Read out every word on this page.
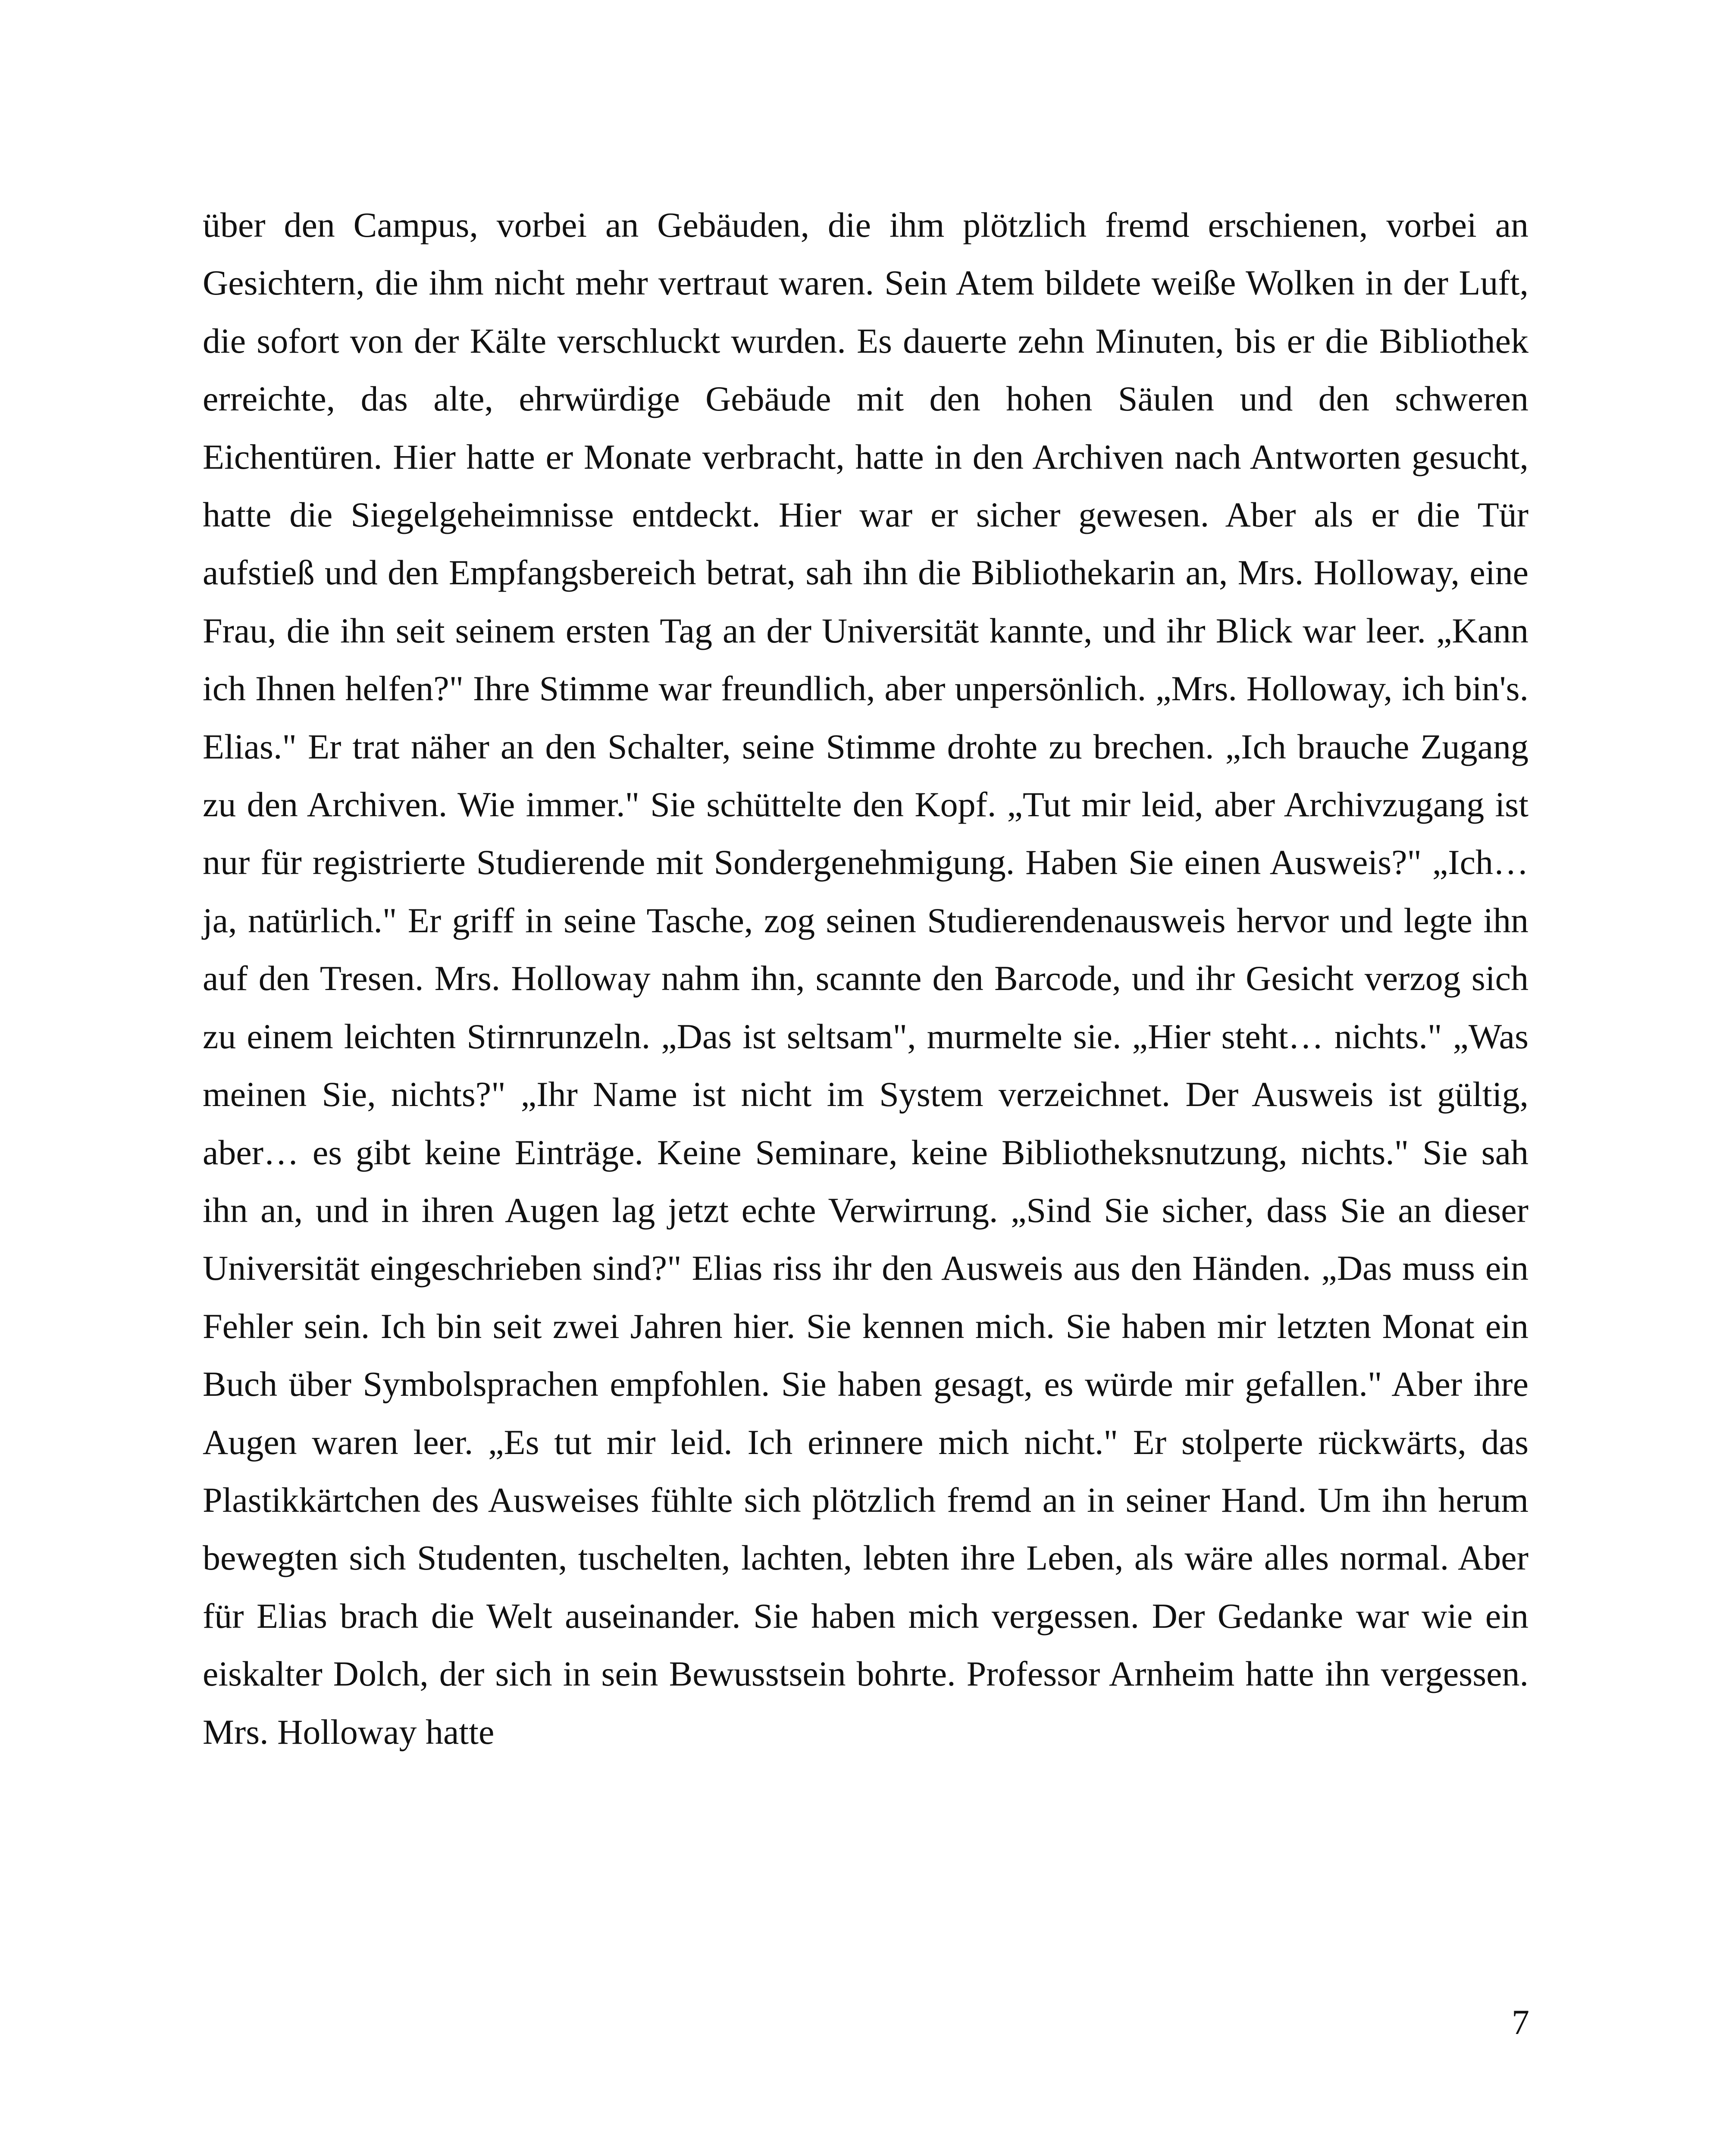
über den Campus, vorbei an Gebäuden, die ihm plötzlich fremd erschienen, vorbei an Gesichtern, die ihm nicht mehr vertraut waren. Sein Atem bildete weiße Wolken in der Luft, die sofort von der Kälte verschluckt wurden. Es dauerte zehn Minuten, bis er die Bibliothek erreichte, das alte, ehrwürdige Gebäude mit den hohen Säulen und den schweren Eichentüren. Hier hatte er Monate verbracht, hatte in den Archiven nach Antworten gesucht, hatte die Siegelgeheimnisse entdeckt. Hier war er sicher gewesen. Aber als er die Tür aufstieß und den Empfangsbereich betrat, sah ihn die Bibliothekarin an, Mrs. Holloway, eine Frau, die ihn seit seinem ersten Tag an der Universität kannte, und ihr Blick war leer. „Kann ich Ihnen helfen?" Ihre Stimme war freundlich, aber unpersönlich. „Mrs. Holloway, ich bin's. Elias." Er trat näher an den Schalter, seine Stimme drohte zu brechen. „Ich brauche Zugang zu den Archiven. Wie immer." Sie schüttelte den Kopf. „Tut mir leid, aber Archivzugang ist nur für registrierte Studierende mit Sondergenehmigung. Haben Sie einen Ausweis?" „Ich… ja, natürlich." Er griff in seine Tasche, zog seinen Studierendenausweis hervor und legte ihn auf den Tresen. Mrs. Holloway nahm ihn, scannte den Barcode, und ihr Gesicht verzog sich zu einem leichten Stirnrunzeln. „Das ist seltsam", murmelte sie. „Hier steht… nichts." „Was meinen Sie, nichts?" „Ihr Name ist nicht im System verzeichnet. Der Ausweis ist gültig, aber… es gibt keine Einträge. Keine Seminare, keine Bibliotheksnutzung, nichts." Sie sah ihn an, und in ihren Augen lag jetzt echte Verwirrung. „Sind Sie sicher, dass Sie an dieser Universität eingeschrieben sind?" Elias riss ihr den Ausweis aus den Händen. „Das muss ein Fehler sein. Ich bin seit zwei Jahren hier. Sie kennen mich. Sie haben mir letzten Monat ein Buch über Symbolsprachen empfohlen. Sie haben gesagt, es würde mir gefallen." Aber ihre Augen waren leer. „Es tut mir leid. Ich erinnere mich nicht." Er stolperte rückwärts, das Plastikkärtchen des Ausweises fühlte sich plötzlich fremd an in seiner Hand. Um ihn herum bewegten sich Studenten, tuschelten, lachten, lebten ihre Leben, als wäre alles normal. Aber für Elias brach die Welt auseinander. Sie haben mich vergessen. Der Gedanke war wie ein eiskalter Dolch, der sich in sein Bewusstsein bohrte. Professor Arnheim hatte ihn vergessen. Mrs. Holloway hatte

7
